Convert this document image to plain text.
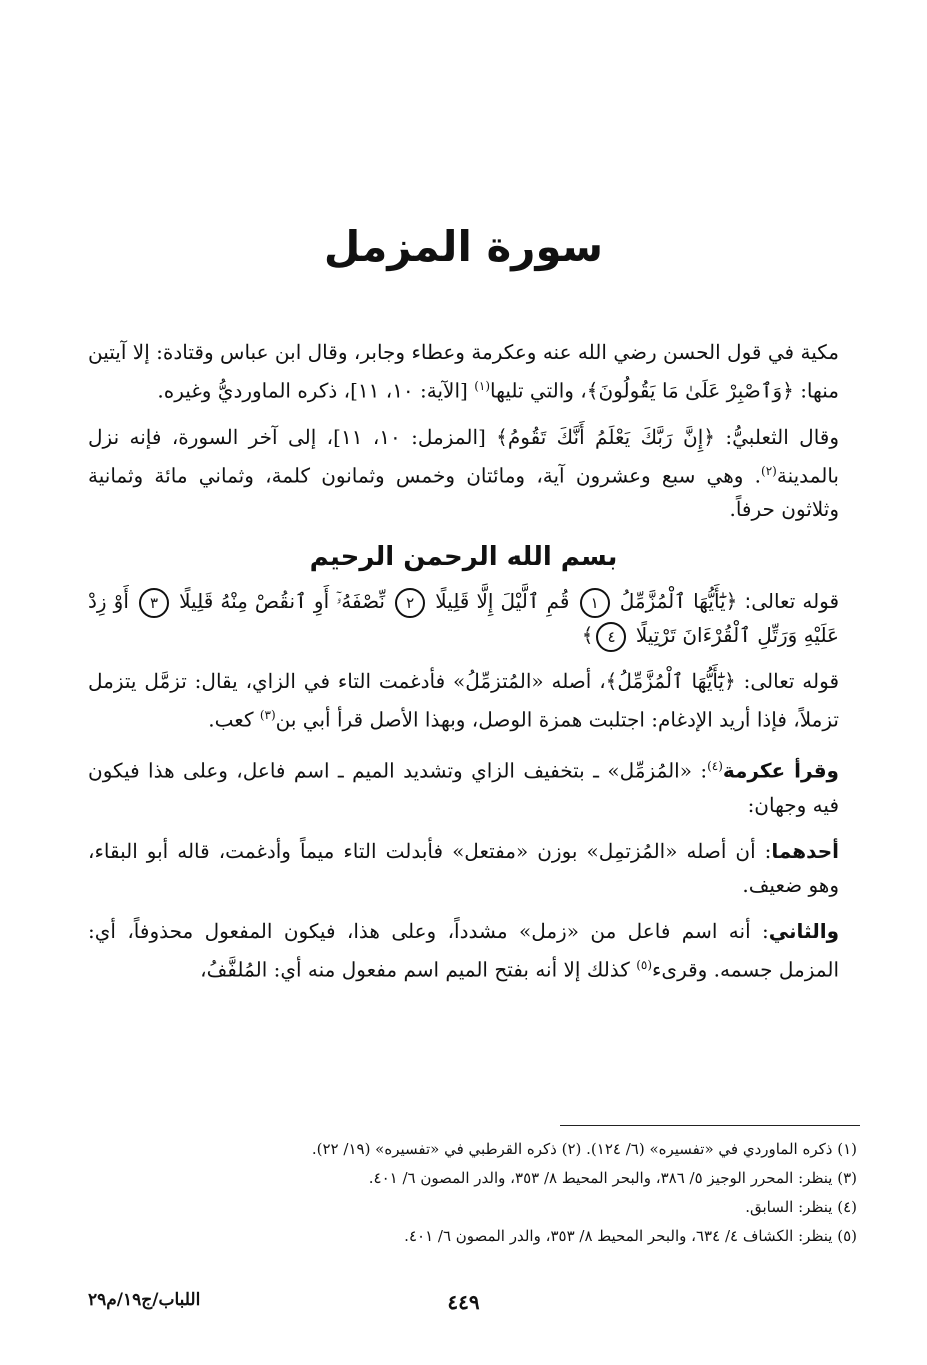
سورة المزمل

مكية في قول الحسن رضي الله عنه وعكرمة وعطاء وجابر، وقال ابن عباس وقتادة: إلا آيتين منها: ﴿وَٱصْبِرْ عَلَىٰ مَا يَقُولُونَ﴾، والتي تليها$^{(١)}$ [الآية: ١٠، ١١]، ذكره الماورديُّ وغيره.

وقال الثعلبيُّ: ﴿إِنَّ رَبَّكَ يَعْلَمُ أَنَّكَ تَقُومُ﴾ [المزمل: ١٠، ١١]، إلى آخر السورة، فإنه نزل بالمدينة$^{(٢)}$. وهي سبع وعشرون آية، ومائتان وخمس وثمانون كلمة، وثماني مائة وثمانية وثلاثون حرفاً.

بسم الله الرحمن الرحيم

قوله تعالى: ﴿يَٰٓأَيُّهَا ٱلْمُزَّمِّلُ ١ قُمِ ٱلَّيْلَ إِلَّا قَلِيلًا ٢ نِّصْفَهُۥٓ أَوِ ٱنقُصْ مِنْهُ قَلِيلًا ٣ أَوْ زِدْ عَلَيْهِ وَرَتِّلِ ٱلْقُرْءَانَ تَرْتِيلًا ٤﴾

قوله تعالى: ﴿يَٰٓأَيُّهَا ٱلْمُزَّمِّلُ﴾، أصله «المُتزمِّلُ» فأدغمت التاء في الزاي، يقال: تزمَّل يتزمل تزملاً، فإذا أريد الإدغام: اجتلبت همزة الوصل، وبهذا الأصل قرأ أبي بن$^{(٣)}$ كعب.

وقرأ عكرمة$^{(٤)}$: «المُزمِّل» ـ بتخفيف الزاي وتشديد الميم ـ اسم فاعل، وعلى هذا فيكون فيه وجهان:

أحدهما: أن أصله «المُزتمِل» بوزن «مفتعل» فأبدلت التاء ميماً وأدغمت، قاله أبو البقاء، وهو ضعيف.

والثاني: أنه اسم فاعل من «زمل» مشدداً، وعلى هذا، فيكون المفعول محذوفاً، أي: المزمل جسمه. وقرىء$^{(٥)}$ كذلك إلا أنه بفتح الميم اسم مفعول منه أي: المُلفَّفُ،

(١) ذكره الماوردي في «تفسيره» (٦/ ١٢٤). (٢) ذكره القرطبي في «تفسيره» (١٩/ ٢٢).
(٣) ينظر: المحرر الوجيز ٥/ ٣٨٦، والبحر المحيط ٨/ ٣٥٣، والدر المصون ٦/ ٤٠١.
(٤) ينظر: السابق.
(٥) ينظر: الكشاف ٤/ ٦٣٤، والبحر المحيط ٨/ ٣٥٣، والدر المصون ٦/ ٤٠١.
٤٤٩
اللباب/ج١٩/م٢٩
